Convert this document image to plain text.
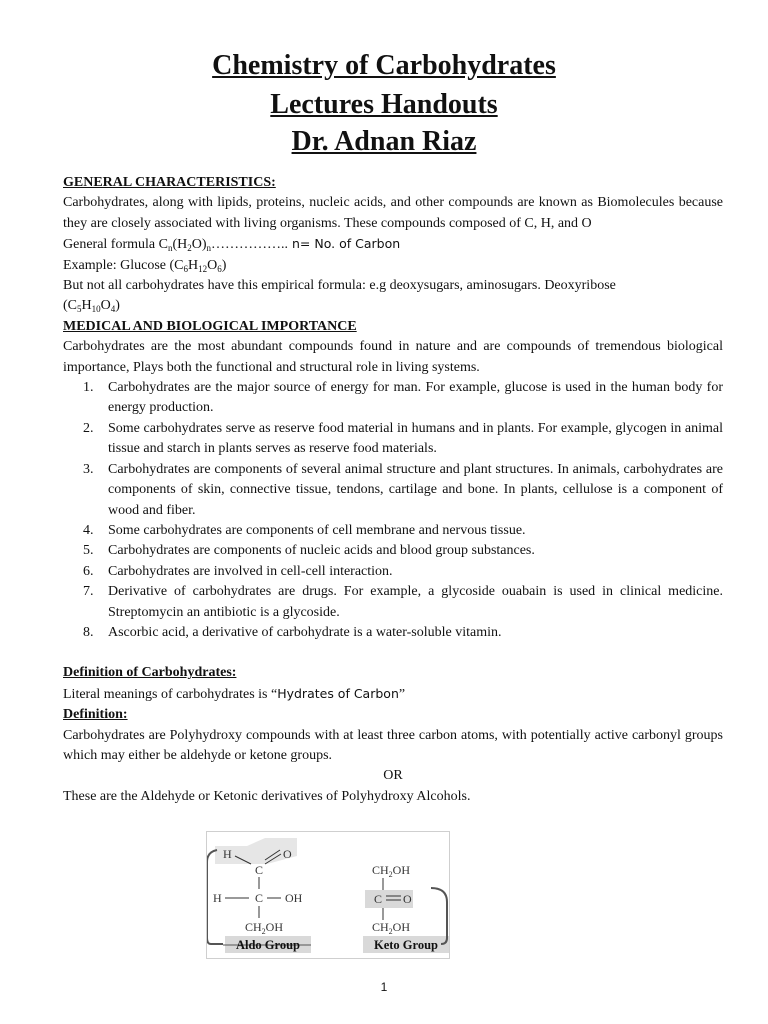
Chemistry of Carbohydrates
Lectures Handouts
Dr. Adnan Riaz

GENERAL CHARACTERISTICS:

Carbohydrates, along with lipids, proteins, nucleic acids, and other compounds are known as Biomolecules because they are closely associated with living organisms. These compounds composed of C, H, and O

General formula $C_n(H_2O)_n\dots\dots\dots\dots\dots$.. n= No. of Carbon

Example: Glucose $(C_6H_{12}O_6)$

But not all carbohydrates have this empirical formula: e.g deoxysugars, aminosugars. Deoxyribose

$(C_5H_{10}O_4)$

MEDICAL AND BIOLOGICAL IMPORTANCE

Carbohydrates are the most abundant compounds found in nature and are compounds of tremendous biological importance, Plays both the functional and structural role in living systems.

1. Carbohydrates are the major source of energy for man. For example, glucose is used in the human body for energy production.
2. Some carbohydrates serve as reserve food material in humans and in plants. For example, glycogen in animal tissue and starch in plants serves as reserve food materials.
3. Carbohydrates are components of several animal structure and plant structures. In animals, carbohydrates are components of skin, connective tissue, tendons, cartilage and bone. In plants, cellulose is a component of wood and fiber.
4. Some carbohydrates are components of cell membrane and nervous tissue.
5. Carbohydrates are components of nucleic acids and blood group substances.
6. Carbohydrates are involved in cell-cell interaction.
7. Derivative of carbohydrates are drugs. For example, a glycoside ouabain is used in clinical medicine. Streptomycin an antibiotic is a glycoside.
8. Ascorbic acid, a derivative of carbohydrate is a water-soluble vitamin.

Definition of Carbohydrates:

Literal meanings of carbohydrates is “Hydrates of Carbon”

Definition:

Carbohydrates are Polyhydroxy compounds with at least three carbon atoms, with potentially active carbonyl groups which may either be aldehyde or ketone groups.

OR

These are the Aldehyde or Ketonic derivatives of Polyhydroxy Alcohols.

H
C
O
H	C OH
$CH_2OH$
$CH_2OH$
C O
$CH_2OH$
Aldo Group	Keto Group
1
